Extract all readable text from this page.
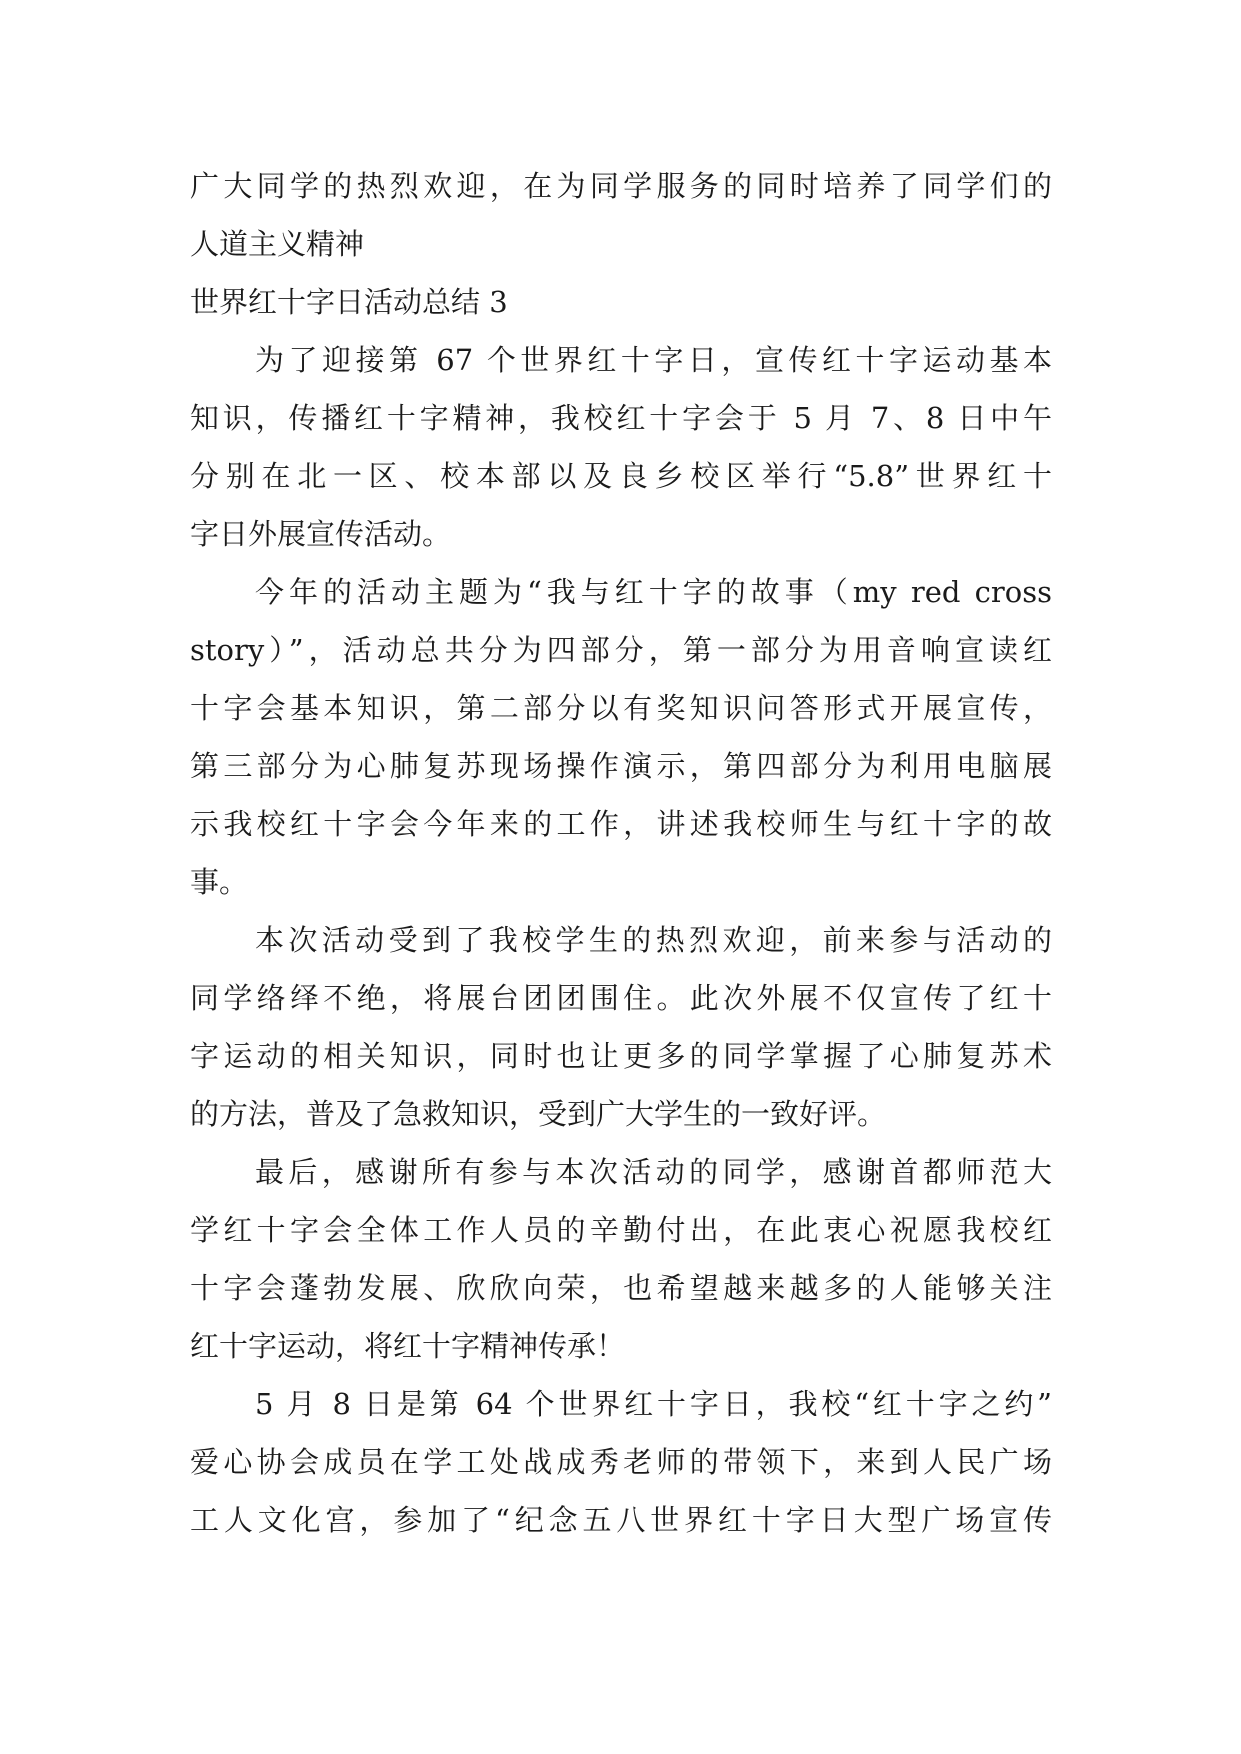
广大同学的热烈欢迎，在为同学服务的同时培养了同学们的
人道主义精神
世界红十字日活动总结 3
为了迎接第 67 个世界红十字日，宣传红十字运动基本
知识，传播红十字精神，我校红十字会于 5 月 7、8 日中午
分别在北一区、校本部以及良乡校区举行“5.8”世界红十
字日外展宣传活动。
今年的活动主题为“我与红十字的故事（my red cross
story）”，活动总共分为四部分，第一部分为用音响宣读红
十字会基本知识，第二部分以有奖知识问答形式开展宣传，
第三部分为心肺复苏现场操作演示，第四部分为利用电脑展
示我校红十字会今年来的工作，讲述我校师生与红十字的故
事。
本次活动受到了我校学生的热烈欢迎，前来参与活动的
同学络绎不绝，将展台团团围住。此次外展不仅宣传了红十
字运动的相关知识，同时也让更多的同学掌握了心肺复苏术
的方法，普及了急救知识，受到广大学生的一致好评。
最后，感谢所有参与本次活动的同学，感谢首都师范大
学红十字会全体工作人员的辛勤付出，在此衷心祝愿我校红
十字会蓬勃发展、欣欣向荣，也希望越来越多的人能够关注
红十字运动，将红十字精神传承！
5 月 8 日是第 64 个世界红十字日，我校“红十字之约”
爱心协会成员在学工处战成秀老师的带领下，来到人民广场
工人文化宫，参加了“纪念五八世界红十字日大型广场宣传
